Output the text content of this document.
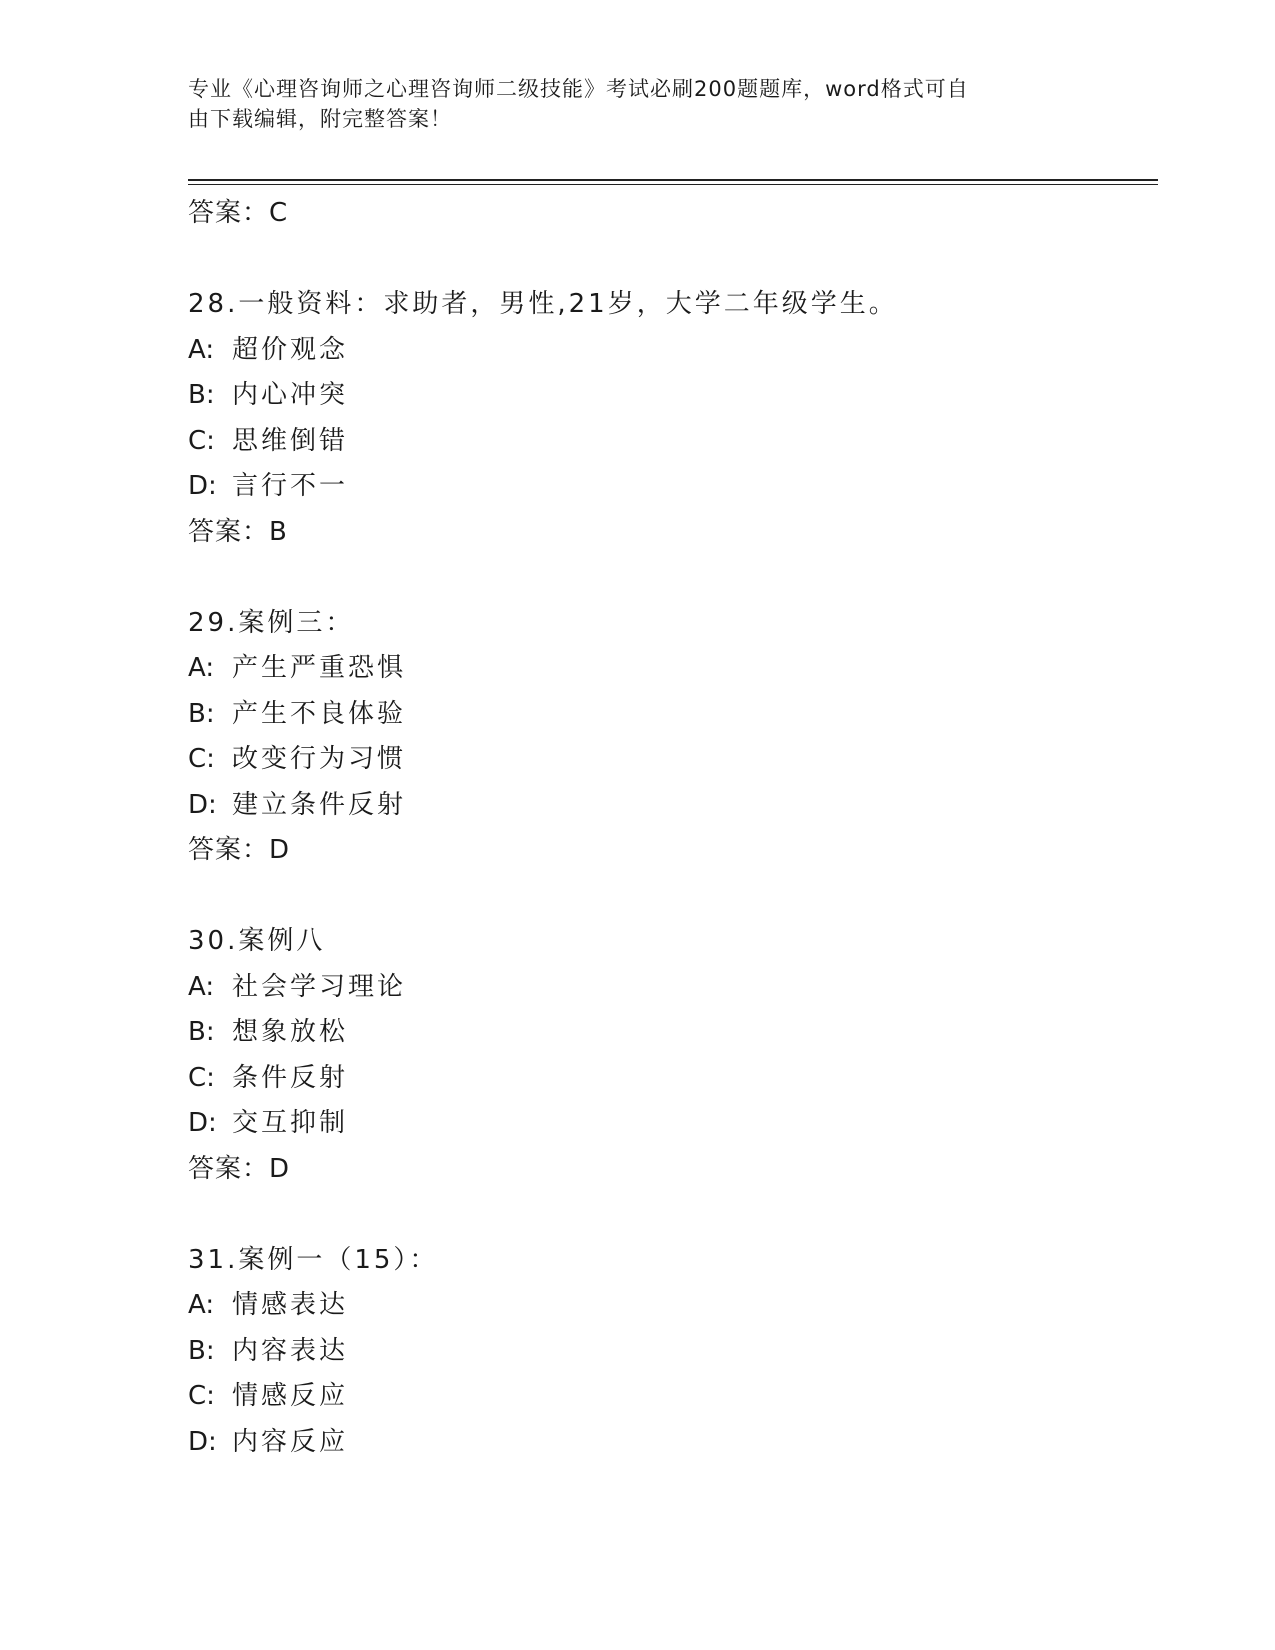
专业《心理咨询师之心理咨询师二级技能》考试必刷200题题库，word格式可自
由下载编辑，附完整答案！
答案：C
28.一般资料：求助者，男性,21岁，大学二年级学生。
A: 超价观念
B: 内心冲突
C: 思维倒错
D: 言行不一
答案：B
29.案例三：
A: 产生严重恐惧
B: 产生不良体验
C: 改变行为习惯
D: 建立条件反射
答案：D
30.案例八
A: 社会学习理论
B: 想象放松
C: 条件反射
D: 交互抑制
答案：D
31.案例一（15）：
A: 情感表达
B: 内容表达
C: 情感反应
D: 内容反应
